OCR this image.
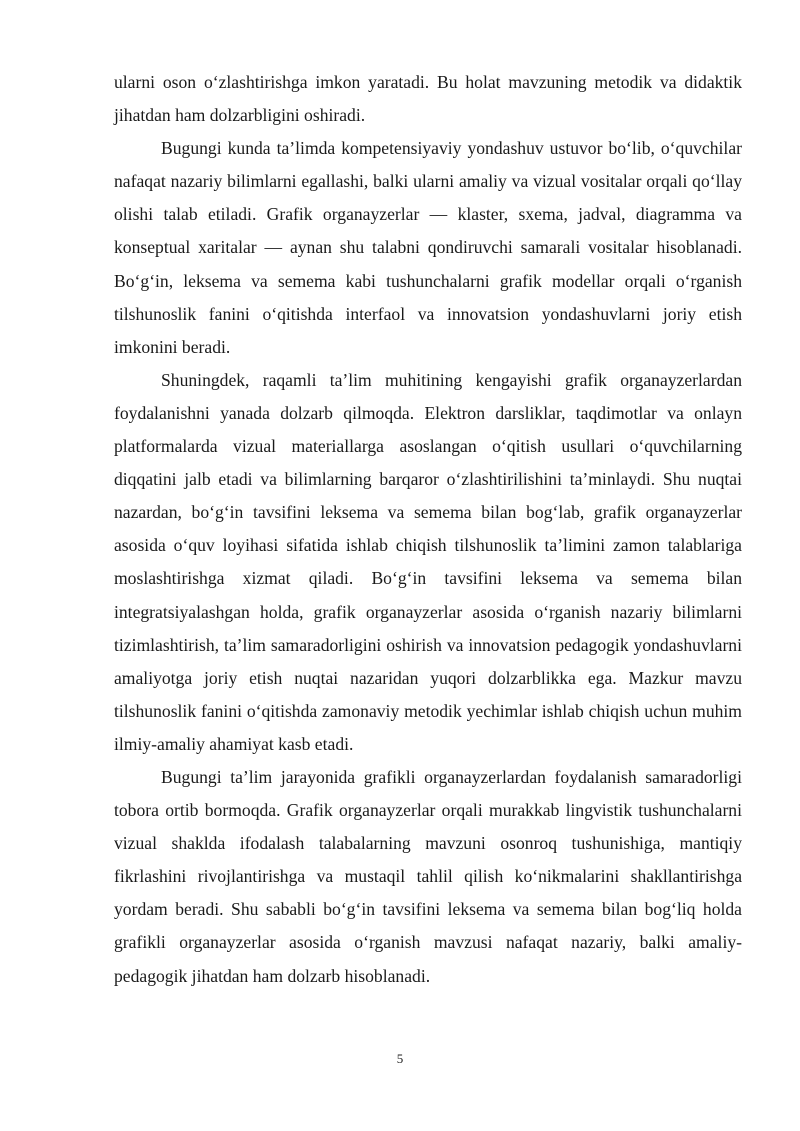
ularni oson o‘zlashtirishga imkon yaratadi. Bu holat mavzuning metodik va didaktik jihatdan ham dolzarbligini oshiradi.

Bugungi kunda ta’limda kompetensiyaviy yondashuv ustuvor bo‘lib, o‘quvchilar nafaqat nazariy bilimlarni egallashi, balki ularni amaliy va vizual vositalar orqali qo‘llay olishi talab etiladi. Grafik organayzerlar — klaster, sxema, jadval, diagramma va konseptual xaritalar — aynan shu talabni qondiruvchi samarali vositalar hisoblanadi. Bo‘g‘in, leksema va semema kabi tushunchalarni grafik modellar orqali o‘rganish tilshunoslik fanini o‘qitishda interfaol va innovatsion yondashuvlarni joriy etish imkonini beradi.

Shuningdek, raqamli ta’lim muhitining kengayishi grafik organayzerlardan foydalanishni yanada dolzarb qilmoqda. Elektron darsliklar, taqdimotlar va onlayn platformalarda vizual materiallarga asoslangan o‘qitish usullari o‘quvchilarning diqqatini jalb etadi va bilimlarning barqaror o‘zlashtirilishini ta’minlaydi. Shu nuqtai nazardan, bo‘g‘in tavsifini leksema va semema bilan bog‘lab, grafik organayzerlar asosida o‘quv loyihasi sifatida ishlab chiqish tilshunoslik ta’limini zamon talablariga moslashtirishga xizmat qiladi. Bo‘g‘in tavsifini leksema va semema bilan integratsiyalashgan holda, grafik organayzerlar asosida o‘rganish nazariy bilimlarni tizimlashtirish, ta’lim samaradorligini oshirish va innovatsion pedagogik yondashuvlarni amaliyotga joriy etish nuqtai nazaridan yuqori dolzarblikka ega. Mazkur mavzu tilshunoslik fanini o‘qitishda zamonaviy metodik yechimlar ishlab chiqish uchun muhim ilmiy-amaliy ahamiyat kasb etadi.

Bugungi ta’lim jarayonida grafikli organayzerlardan foydalanish samaradorligi tobora ortib bormoqda. Grafik organayzerlar orqali murakkab lingvistik tushunchalarni vizual shaklda ifodalash talabalarning mavzuni osonroq tushunishiga, mantiqiy fikrlashini rivojlantirishga va mustaqil tahlil qilish ko‘nikmalarini shakllantirishga yordam beradi. Shu sababli bo‘g‘in tavsifini leksema va semema bilan bog‘liq holda grafikli organayzerlar asosida o‘rganish mavzusi nafaqat nazariy, balki amaliy-pedagogik jihatdan ham dolzarb hisoblanadi.

5
